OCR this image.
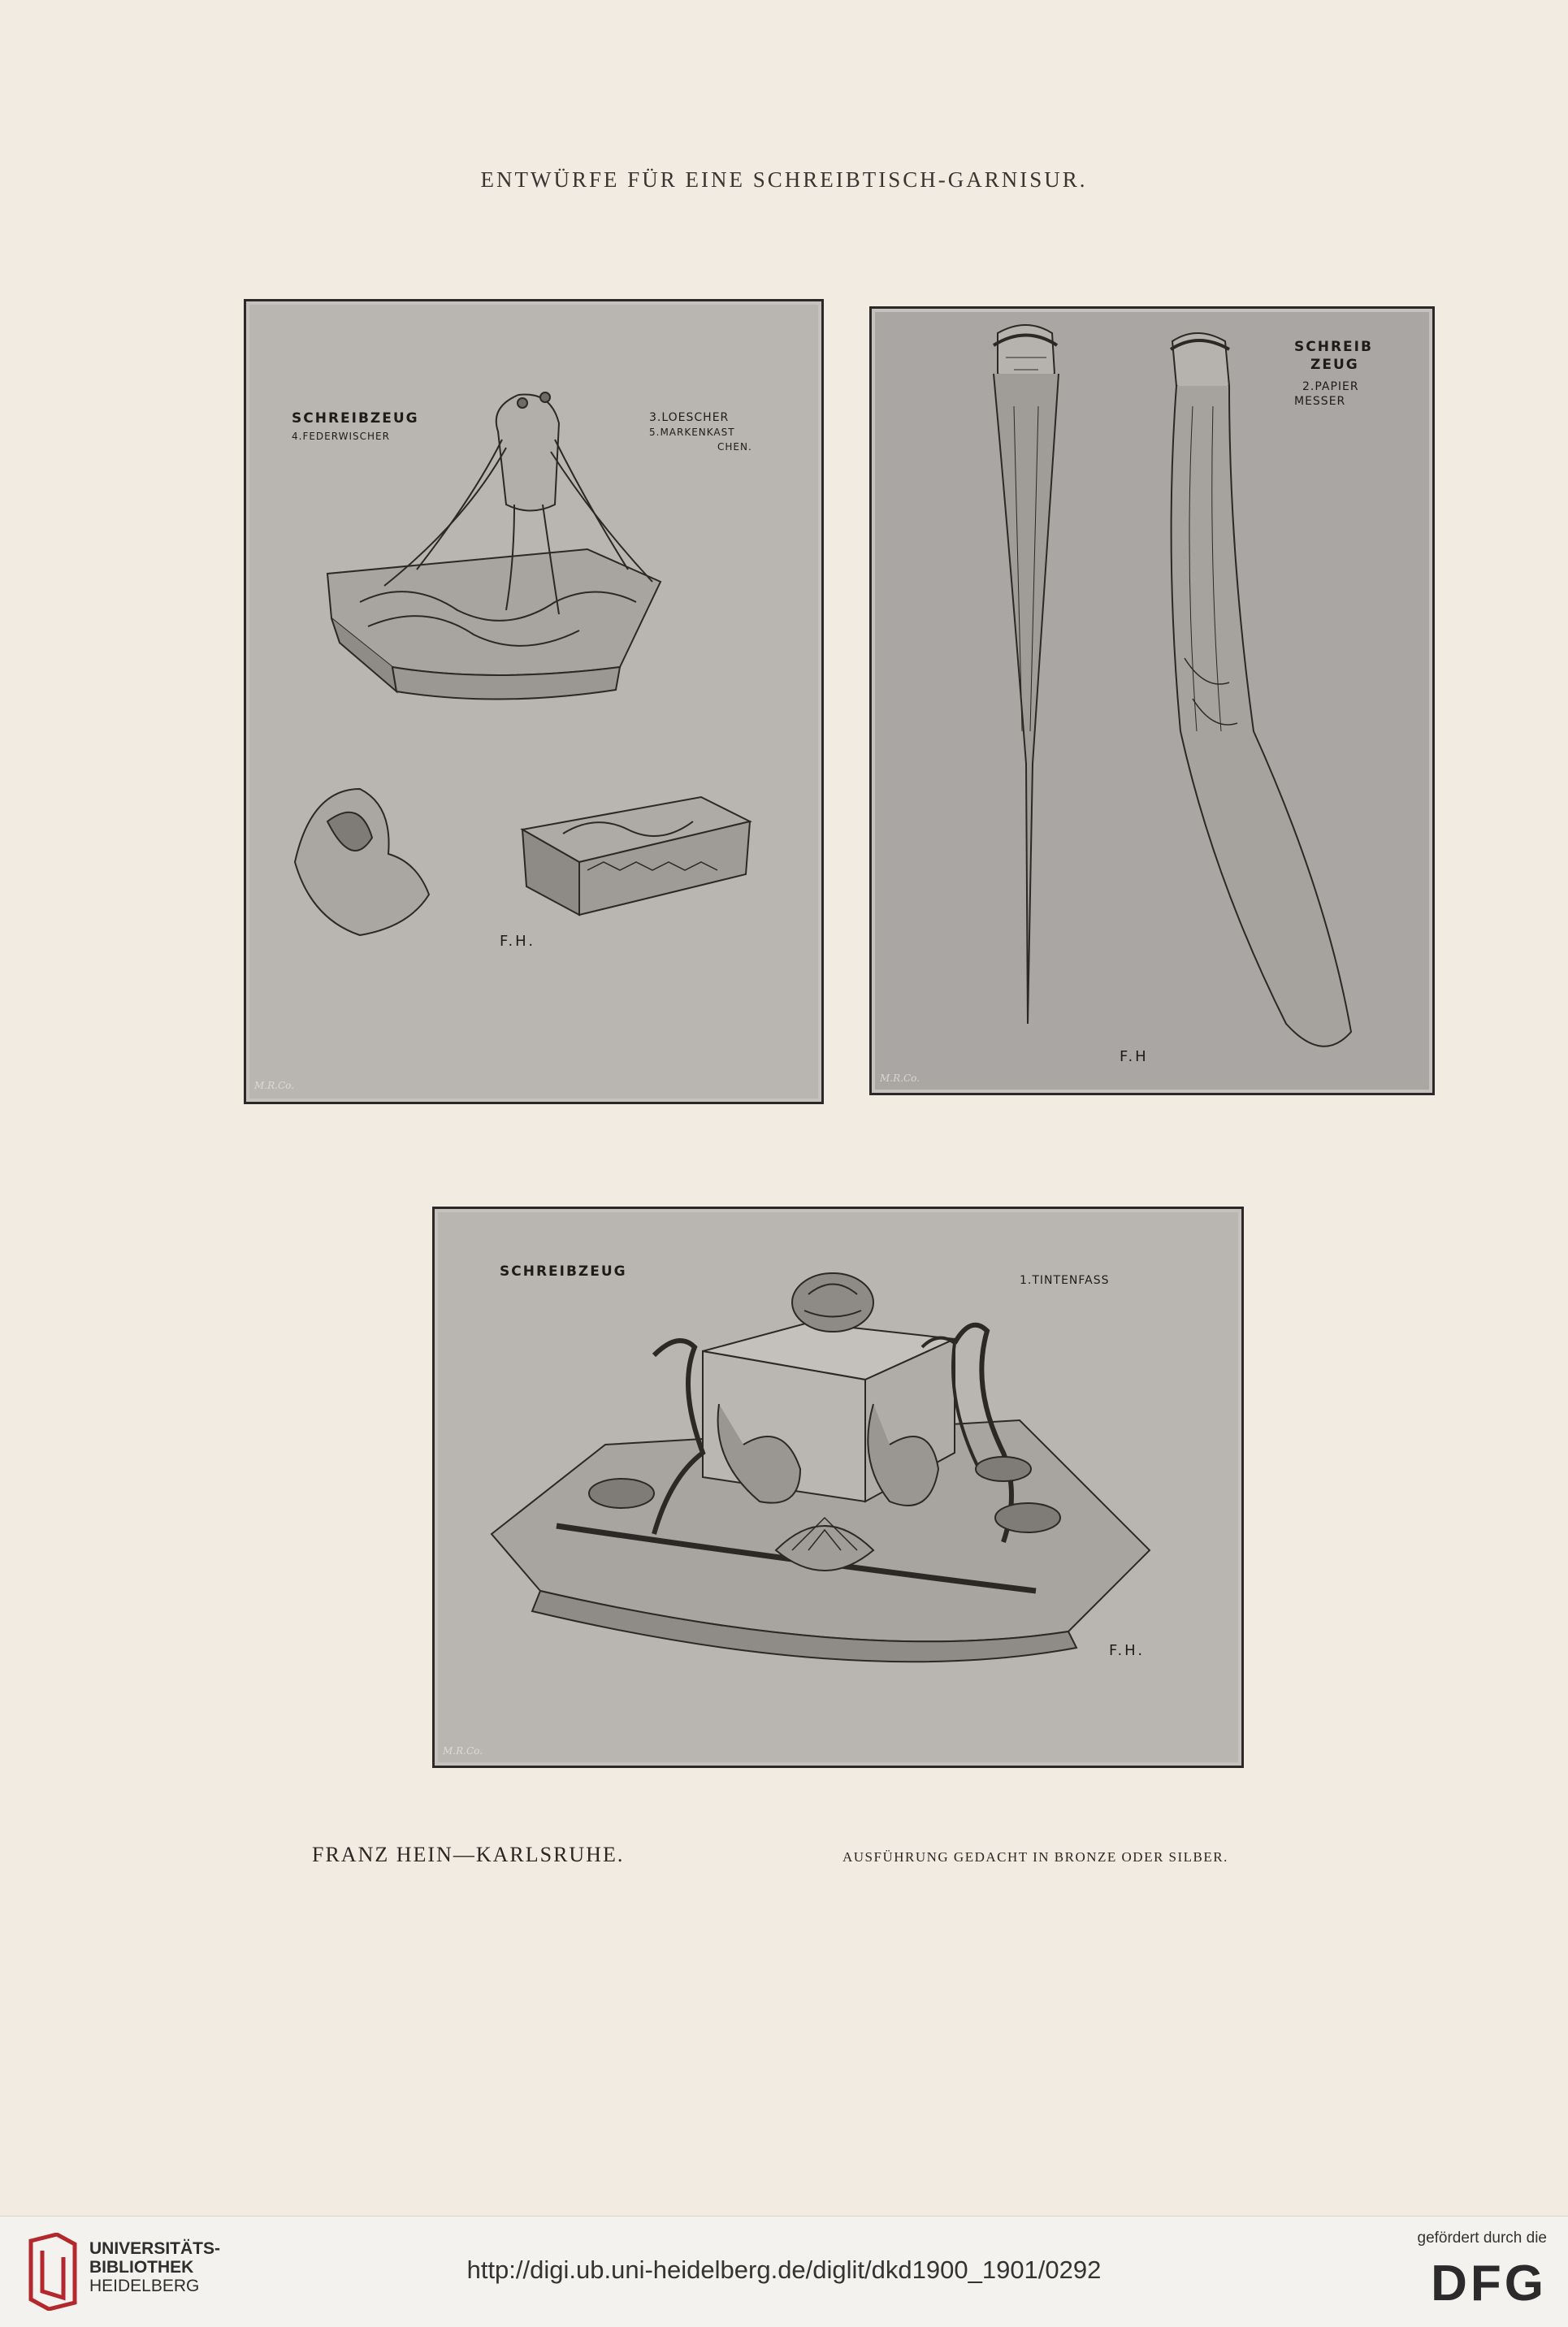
ENTWÜRFE FÜR EINE SCHREIBTISCH-GARNISUR.
SCHREIBZEUG
4.FEDERWISCHER
3.LOESCHER
5.MARKENKAST
CHEN.
F.H.
M.R.Co.
SCHREIB
ZEUG
2.PAPIER
MESSER
F.H
M.R.Co.
SCHREIBZEUG
1.TINTENFASS
F.H.
M.R.Co.
FRANZ HEIN—KARLSRUHE.	AUSFÜHRUNG GEDACHT IN BRONZE ODER SILBER.
UNIVERSITÄTS-
BIBLIOTHEK
HEIDELBERG
http://digi.ub.uni-heidelberg.de/diglit/dkd1900_1901/0292
gefördert durch die
DFG
